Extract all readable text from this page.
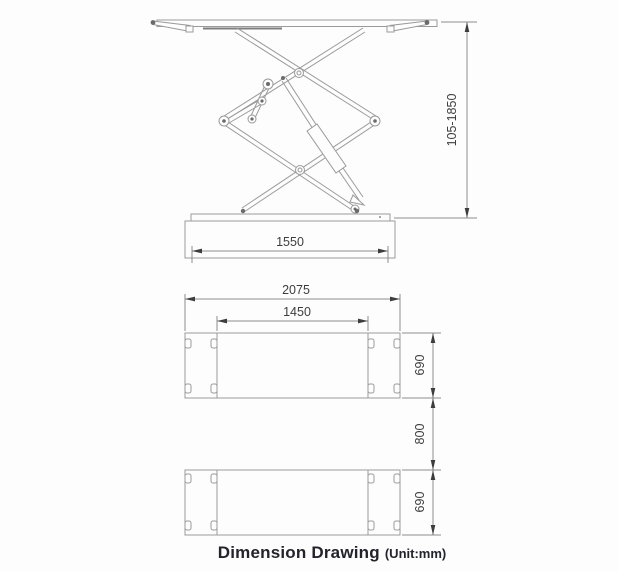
1550
105-1850
2075
1450
690
800
690
Dimension Drawing (Unit:mm)
